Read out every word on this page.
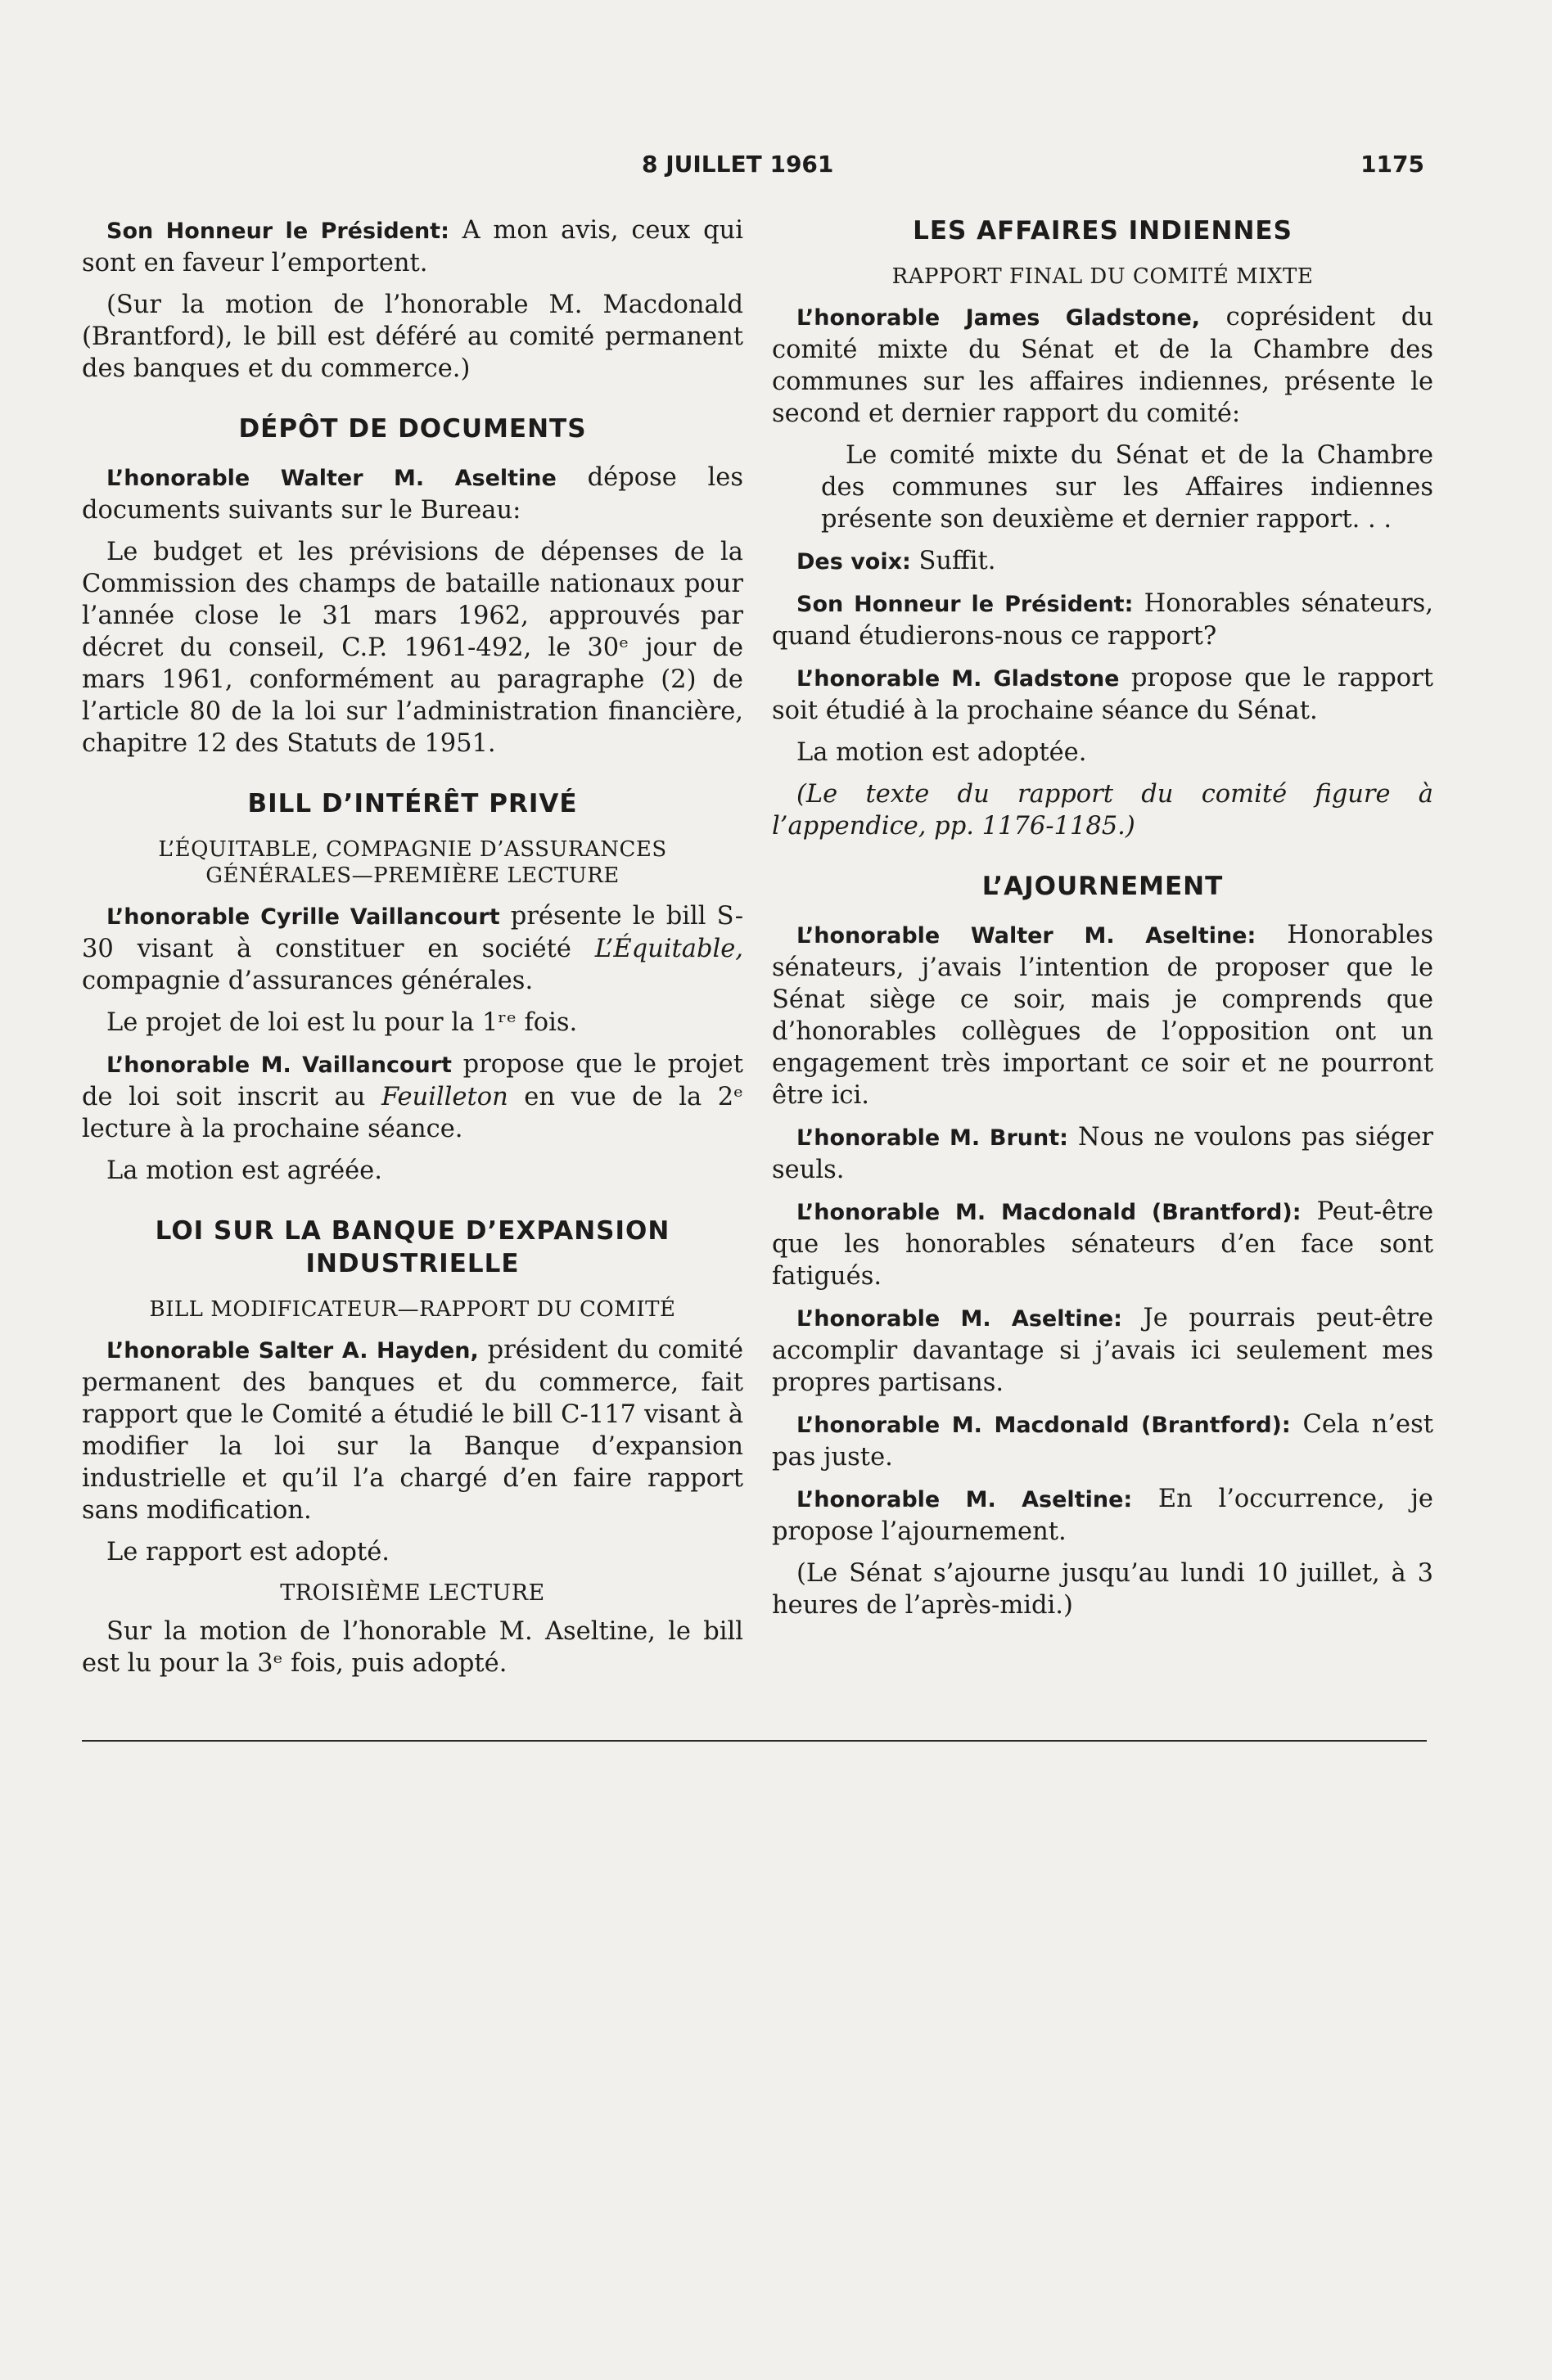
8 JUILLET 1961	1175

Son Honneur le Président: A mon avis, ceux qui sont en faveur l’emportent.

(Sur la motion de l’honorable M. Macdonald (Brantford), le bill est déféré au comité permanent des banques et du commerce.)

DÉPÔT DE DOCUMENTS

L’honorable Walter M. Aseltine dépose les documents suivants sur le Bureau:

Le budget et les prévisions de dépenses de la Commission des champs de bataille nationaux pour l’année close le 31 mars 1962, approuvés par décret du conseil, C.P. 1961-492, le 30ᵉ jour de mars 1961, conformément au paragraphe (2) de l’article 80 de la loi sur l’administration financière, chapitre 12 des Statuts de 1951.

BILL D’INTÉRÊT PRIVÉ
L’ÉQUITABLE, COMPAGNIE D’ASSURANCES GÉNÉRALES—PREMIÈRE LECTURE

L’honorable Cyrille Vaillancourt présente le bill S-30 visant à constituer en société L’Équitable, compagnie d’assurances générales.

Le projet de loi est lu pour la 1ʳᵉ fois.

L’honorable M. Vaillancourt propose que le projet de loi soit inscrit au Feuilleton en vue de la 2ᵉ lecture à la prochaine séance.

La motion est agréée.

LOI SUR LA BANQUE D’EXPANSION INDUSTRIELLE
BILL MODIFICATEUR—RAPPORT DU COMITÉ

L’honorable Salter A. Hayden, président du comité permanent des banques et du commerce, fait rapport que le Comité a étudié le bill C-117 visant à modifier la loi sur la Banque d’expansion industrielle et qu’il l’a chargé d’en faire rapport sans modification.

Le rapport est adopté.

TROISIÈME LECTURE

Sur la motion de l’honorable M. Aseltine, le bill est lu pour la 3ᵉ fois, puis adopté.

LES AFFAIRES INDIENNES
RAPPORT FINAL DU COMITÉ MIXTE

L’honorable James Gladstone, coprésident du comité mixte du Sénat et de la Chambre des communes sur les affaires indiennes, présente le second et dernier rapport du comité:

Le comité mixte du Sénat et de la Chambre des communes sur les Affaires indiennes présente son deuxième et dernier rapport. . .

Des voix: Suffit.

Son Honneur le Président: Honorables sénateurs, quand étudierons-nous ce rapport?

L’honorable M. Gladstone propose que le rapport soit étudié à la prochaine séance du Sénat.

La motion est adoptée.

(Le texte du rapport du comité figure à l’appendice, pp. 1176-1185.)

L’AJOURNEMENT

L’honorable Walter M. Aseltine: Honorables sénateurs, j’avais l’intention de proposer que le Sénat siège ce soir, mais je comprends que d’honorables collègues de l’opposition ont un engagement très important ce soir et ne pourront être ici.

L’honorable M. Brunt: Nous ne voulons pas siéger seuls.

L’honorable M. Macdonald (Brantford): Peut-être que les honorables sénateurs d’en face sont fatigués.

L’honorable M. Aseltine: Je pourrais peut-être accomplir davantage si j’avais ici seulement mes propres partisans.

L’honorable M. Macdonald (Brantford): Cela n’est pas juste.

L’honorable M. Aseltine: En l’occurrence, je propose l’ajournement.

(Le Sénat s’ajourne jusqu’au lundi 10 juillet, à 3 heures de l’après-midi.)
